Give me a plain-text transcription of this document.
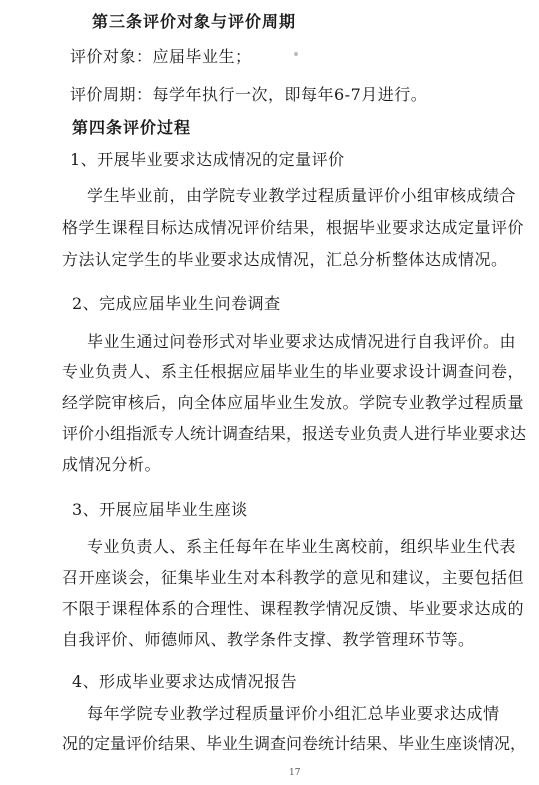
第三条评价对象与评价周期
评价对象：应届毕业生；
评价周期：每学年执行一次，即每年6-7月进行。
第四条评价过程
1、开展毕业要求达成情况的定量评价
学生毕业前，由学院专业教学过程质量评价小组审核成绩合
格学生课程目标达成情况评价结果，根据毕业要求达成定量评价
方法认定学生的毕业要求达成情况，汇总分析整体达成情况。
2、完成应届毕业生问卷调查
毕业生通过问卷形式对毕业要求达成情况进行自我评价。由
专业负责人、系主任根据应届毕业生的毕业要求设计调查问卷，
经学院审核后，向全体应届毕业生发放。学院专业教学过程质量
评价小组指派专人统计调查结果，报送专业负责人进行毕业要求达
成情况分析。
3、开展应届毕业生座谈
专业负责人、系主任每年在毕业生离校前，组织毕业生代表
召开座谈会，征集毕业生对本科教学的意见和建议，主要包括但
不限于课程体系的合理性、课程教学情况反馈、毕业要求达成的
自我评价、师德师风、教学条件支撑、教学管理环节等。
4、形成毕业要求达成情况报告
每年学院专业教学过程质量评价小组汇总毕业要求达成情
况的定量评价结果、毕业生调查问卷统计结果、毕业生座谈情况，
17
